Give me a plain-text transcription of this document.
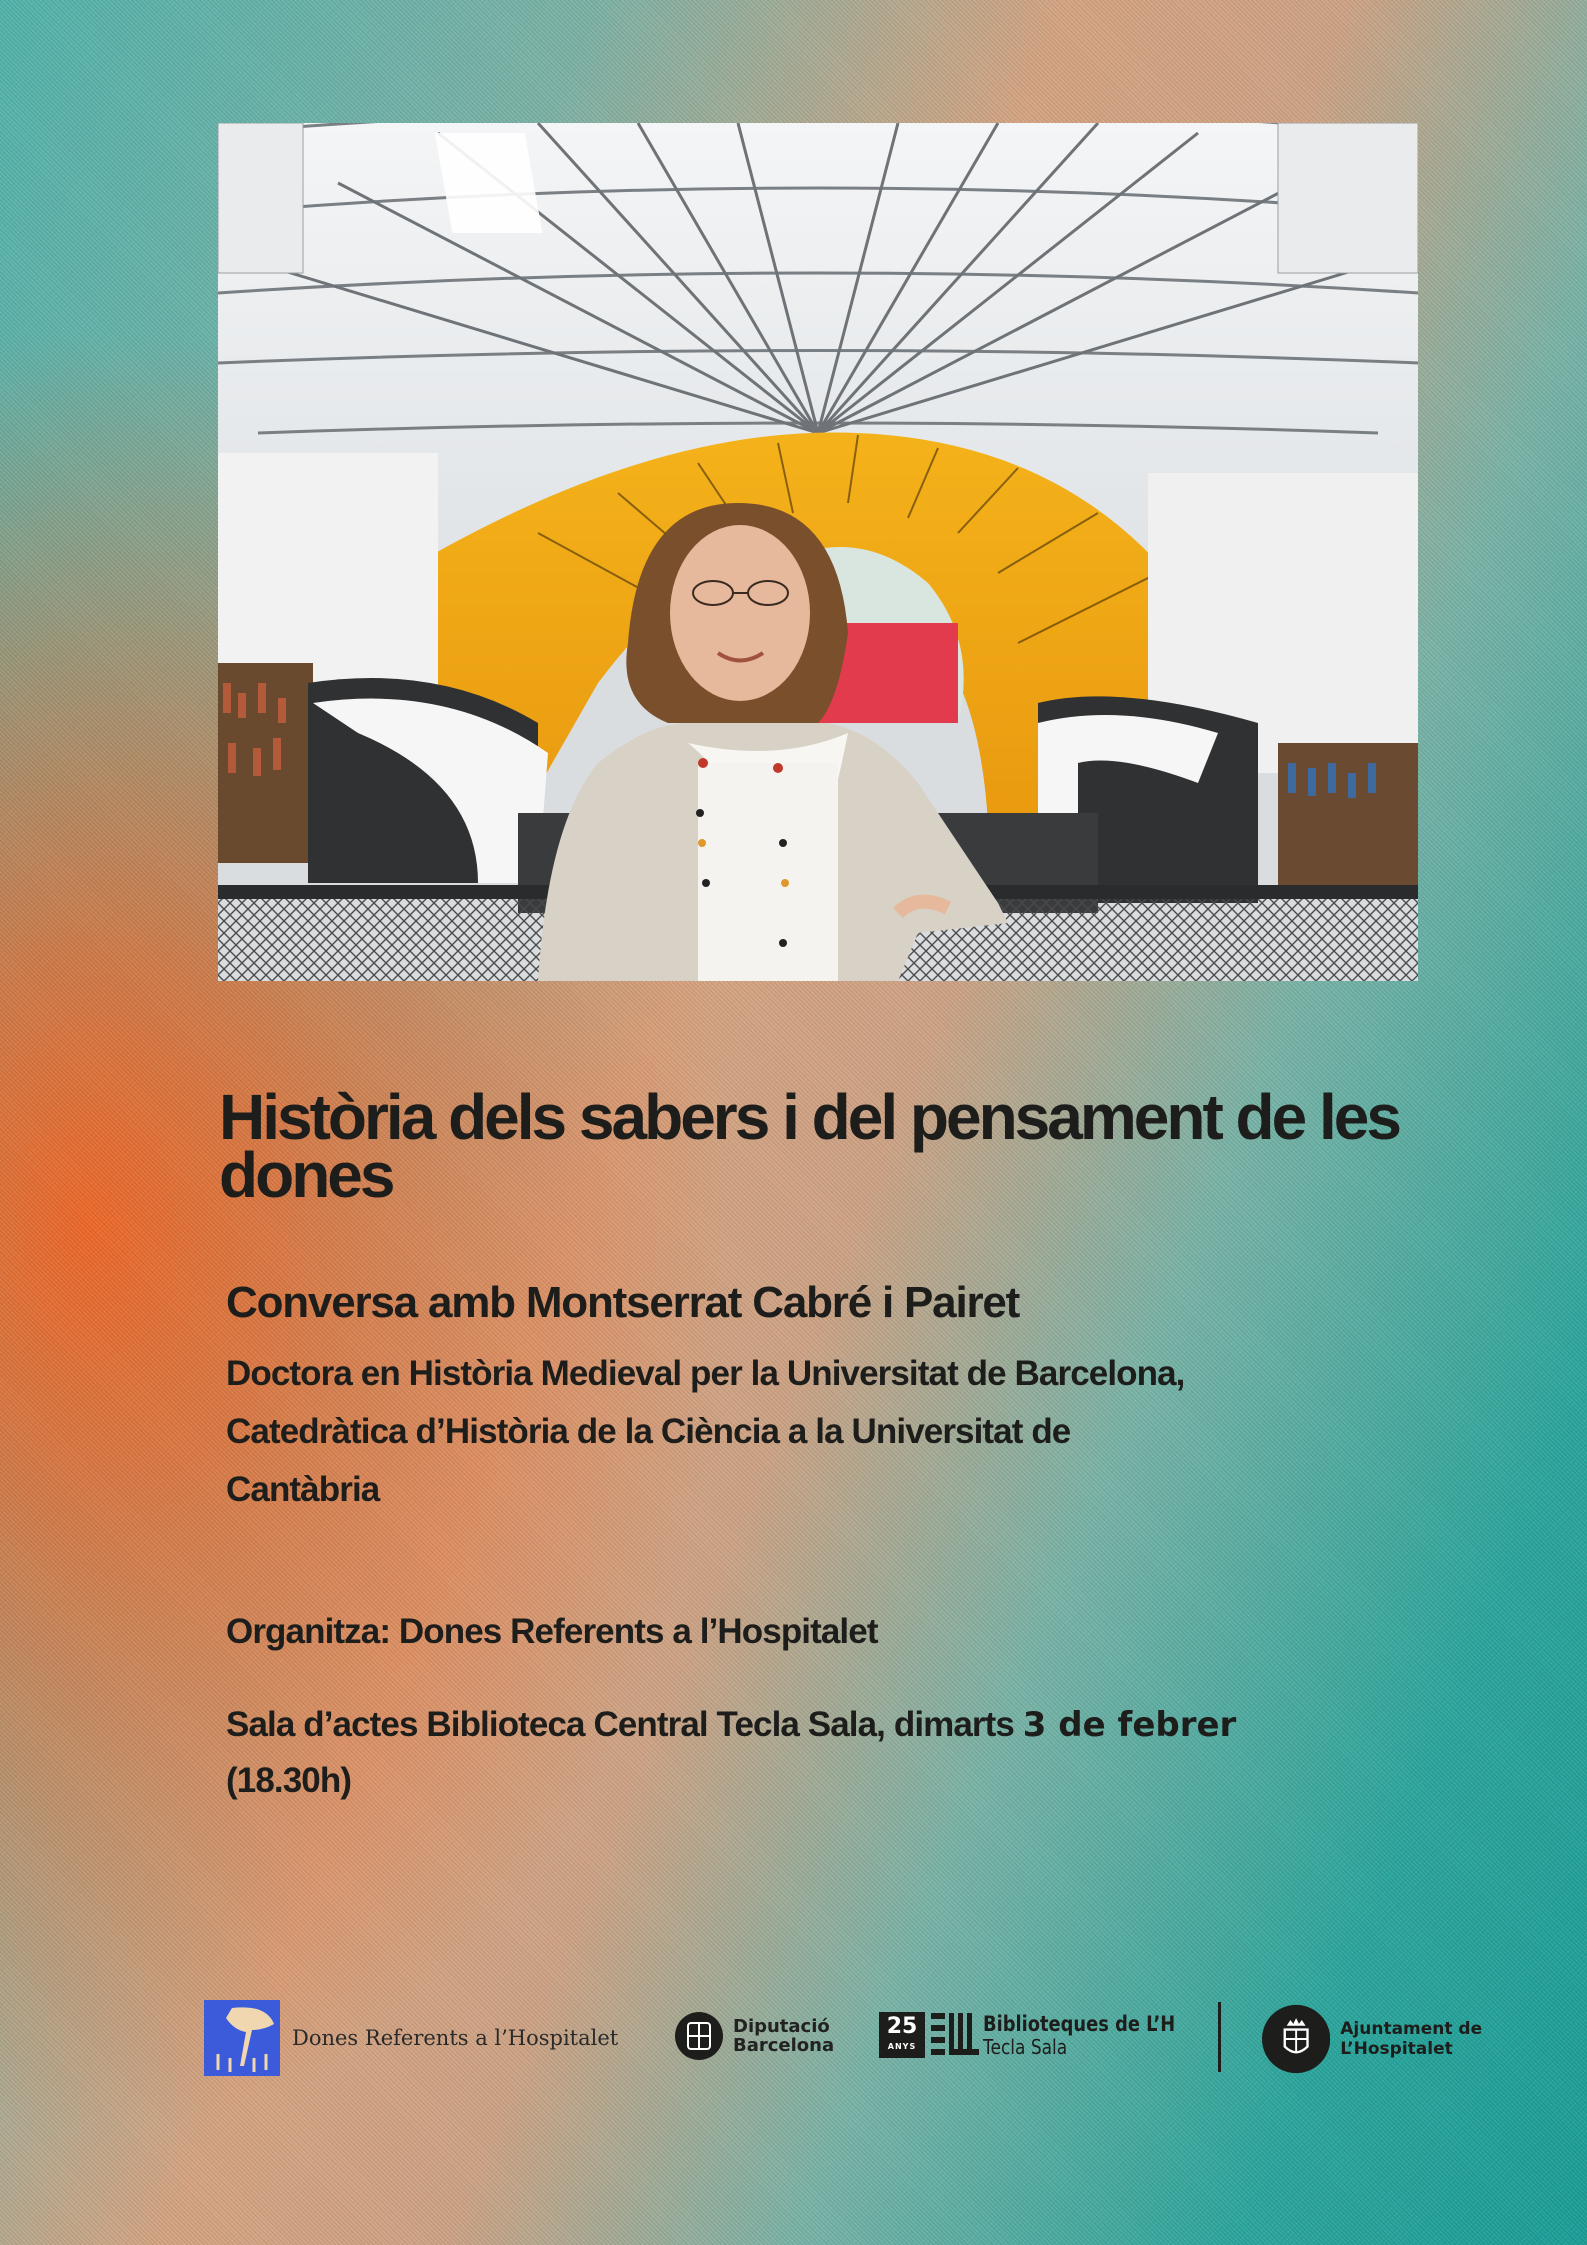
Història dels sabers i del pensament de les dones
Conversa amb Montserrat Cabré i Pairet
Doctora en Història Medieval per la Universitat de Barcelona,
Catedràtica d’Història de la Ciència a la Universitat de
Cantàbria
Organitza: Dones Referents a l’Hospitalet
Sala d’actes Biblioteca Central Tecla Sala, dimarts 3 de febrer
(18.30h)
Dones Referents a l’Hospitalet	Diputació
Barcelona
25
ANYS
Biblioteques de L’H
Tecla Sala
Ajuntament de L’Hospitalet
